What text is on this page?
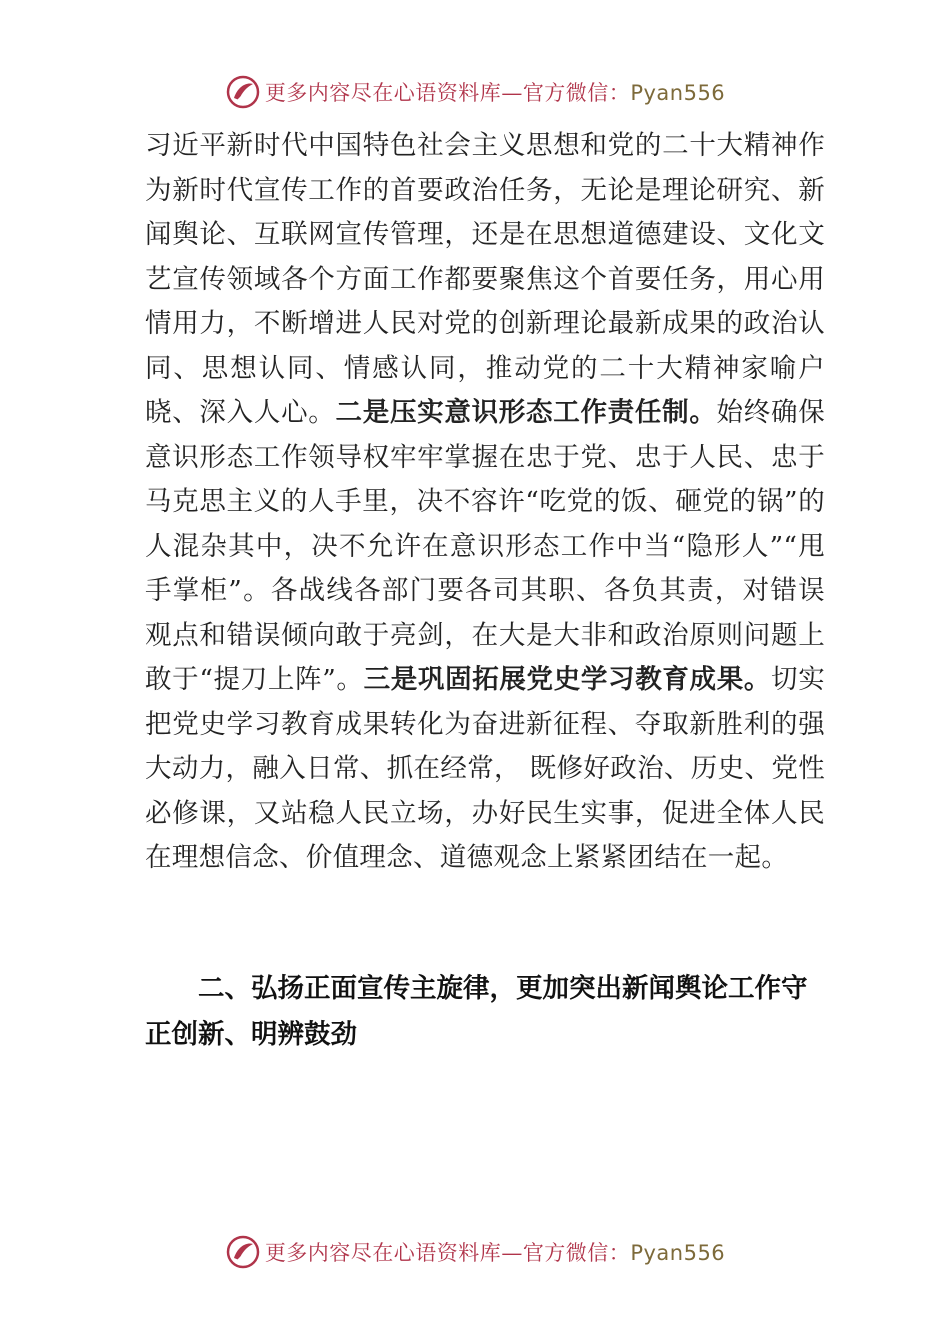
更多内容尽在心语资料库—官方微信：Pyan556

习近平新时代中国特色社会主义思想和党的二十大精神作为新时代宣传工作的首要政治任务，无论是理论研究、新闻舆论、互联网宣传管理，还是在思想道德建设、文化文艺宣传领域各个方面工作都要聚焦这个首要任务，用心用情用力，不断增进人民对党的创新理论最新成果的政治认同、思想认同、情感认同，推动党的二十大精神家喻户晓、深入人心。二是压实意识形态工作责任制。始终确保意识形态工作领导权牢牢掌握在忠于党、忠于人民、忠于马克思主义的人手里，决不容许“吃党的饭、砸党的锅”的人混杂其中，决不允许在意识形态工作中当“隐形人”“甩手掌柜”。各战线各部门要各司其职、各负其责，对错误观点和错误倾向敢于亮剑，在大是大非和政治原则问题上敢于“提刀上阵”。三是巩固拓展党史学习教育成果。切实把党史学习教育成果转化为奋进新征程、夺取新胜利的强大动力，融入日常、抓在经常， 既修好政治、历史、党性必修课，又站稳人民立场，办好民生实事，促进全体人民在理想信念、价值理念、道德观念上紧紧团结在一起。

二、弘扬正面宣传主旋律，更加突出新闻舆论工作守正创新、明辨鼓劲
更多内容尽在心语资料库—官方微信：Pyan556
